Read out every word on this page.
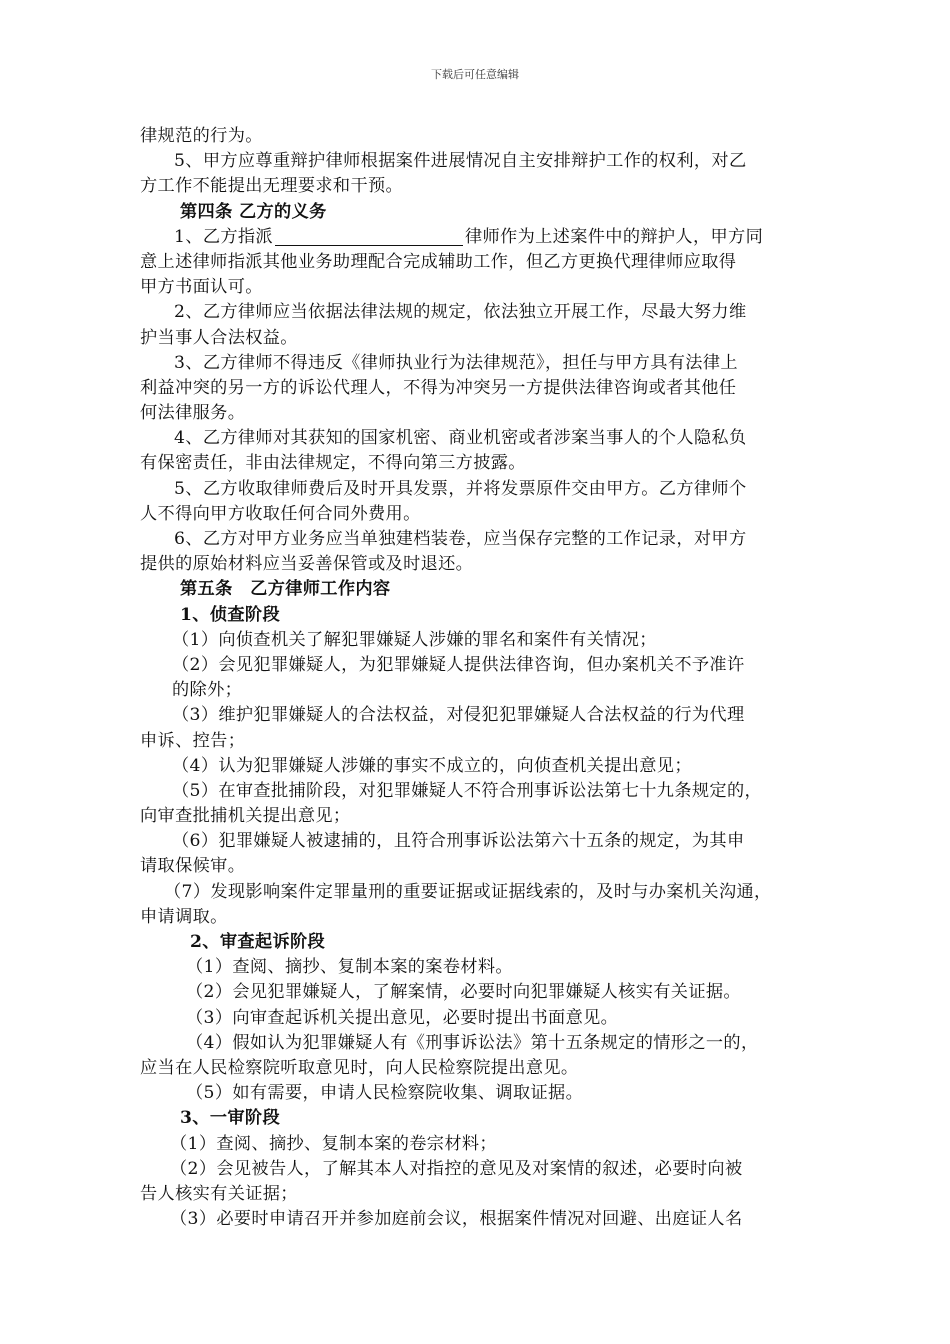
下载后可任意编辑
律规范的行为。
5、甲方应尊重辩护律师根据案件进展情况自主安排辩护工作的权利，对乙
方工作不能提出无理要求和干预。
第四条 乙方的义务
1、乙方指派	律师作为上述案件中的辩护人，甲方同
意上述律师指派其他业务助理配合完成辅助工作，但乙方更换代理律师应取得
甲方书面认可。
2、乙方律师应当依据法律法规的规定，依法独立开展工作，尽最大努力维
护当事人合法权益。
3、乙方律师不得违反《律师执业行为法律规范》，担任与甲方具有法律上
利益冲突的另一方的诉讼代理人，不得为冲突另一方提供法律咨询或者其他任
何法律服务。
4、乙方律师对其获知的国家机密、商业机密或者涉案当事人的个人隐私负
有保密责任，非由法律规定，不得向第三方披露。
5、乙方收取律师费后及时开具发票，并将发票原件交由甲方。乙方律师个
人不得向甲方收取任何合同外费用。
6、乙方对甲方业务应当单独建档装卷，应当保存完整的工作记录，对甲方
提供的原始材料应当妥善保管或及时退还。
第五条　乙方律师工作内容
1、侦查阶段
（1）向侦查机关了解犯罪嫌疑人涉嫌的罪名和案件有关情况；
（2）会见犯罪嫌疑人，为犯罪嫌疑人提供法律咨询，但办案机关不予准许
的除外；
（3）维护犯罪嫌疑人的合法权益，对侵犯犯罪嫌疑人合法权益的行为代理
申诉、控告；
（4）认为犯罪嫌疑人涉嫌的事实不成立的，向侦查机关提出意见；
（5）在审查批捕阶段，对犯罪嫌疑人不符合刑事诉讼法第七十九条规定的，
向审查批捕机关提出意见；
（6）犯罪嫌疑人被逮捕的，且符合刑事诉讼法第六十五条的规定，为其申
请取保候审。
（7）发现影响案件定罪量刑的重要证据或证据线索的，及时与办案机关沟通，
申请调取。
2、审查起诉阶段
（1）查阅、摘抄、复制本案的案卷材料。
（2）会见犯罪嫌疑人，了解案情，必要时向犯罪嫌疑人核实有关证据。
（3）向审查起诉机关提出意见，必要时提出书面意见。
（4）假如认为犯罪嫌疑人有《刑事诉讼法》第十五条规定的情形之一的，
应当在人民检察院听取意见时，向人民检察院提出意见。
（5）如有需要，申请人民检察院收集、调取证据。
3、一审阶段
（1）查阅、摘抄、复制本案的卷宗材料；
（2）会见被告人，了解其本人对指控的意见及对案情的叙述，必要时向被
告人核实有关证据；
（3）必要时申请召开并参加庭前会议，根据案件情况对回避、出庭证人名
